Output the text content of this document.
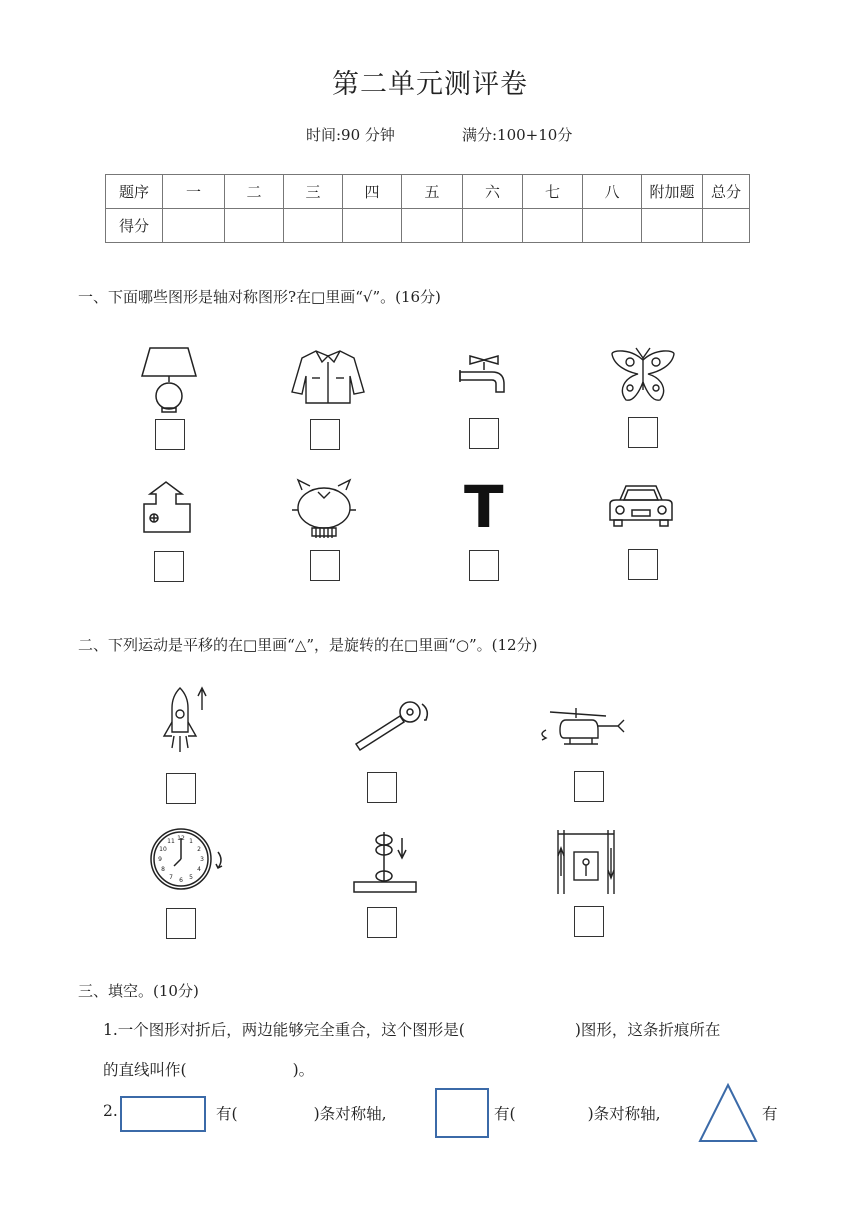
第二单元测评卷
时间:90 分钟	满分:100+10分
题序	一	二	三	四	五	六	七	八	附加题	总分
得分										
一、下面哪些图形是轴对称图形?在□里画“√”。(16分)
T
二、下列运动是平移的在□里画“△”，是旋转的在□里画“○”。(12分)
12 1
2
3
4
5
6
7
8
9
10
11
三、填空。(10分)
1.一个图形对折后，两边能够完全重合，这个图形是(	)图形，这条折痕所在
的直线叫作(	)。
2.	有(	)条对称轴,	有(	)条对称轴,	有
